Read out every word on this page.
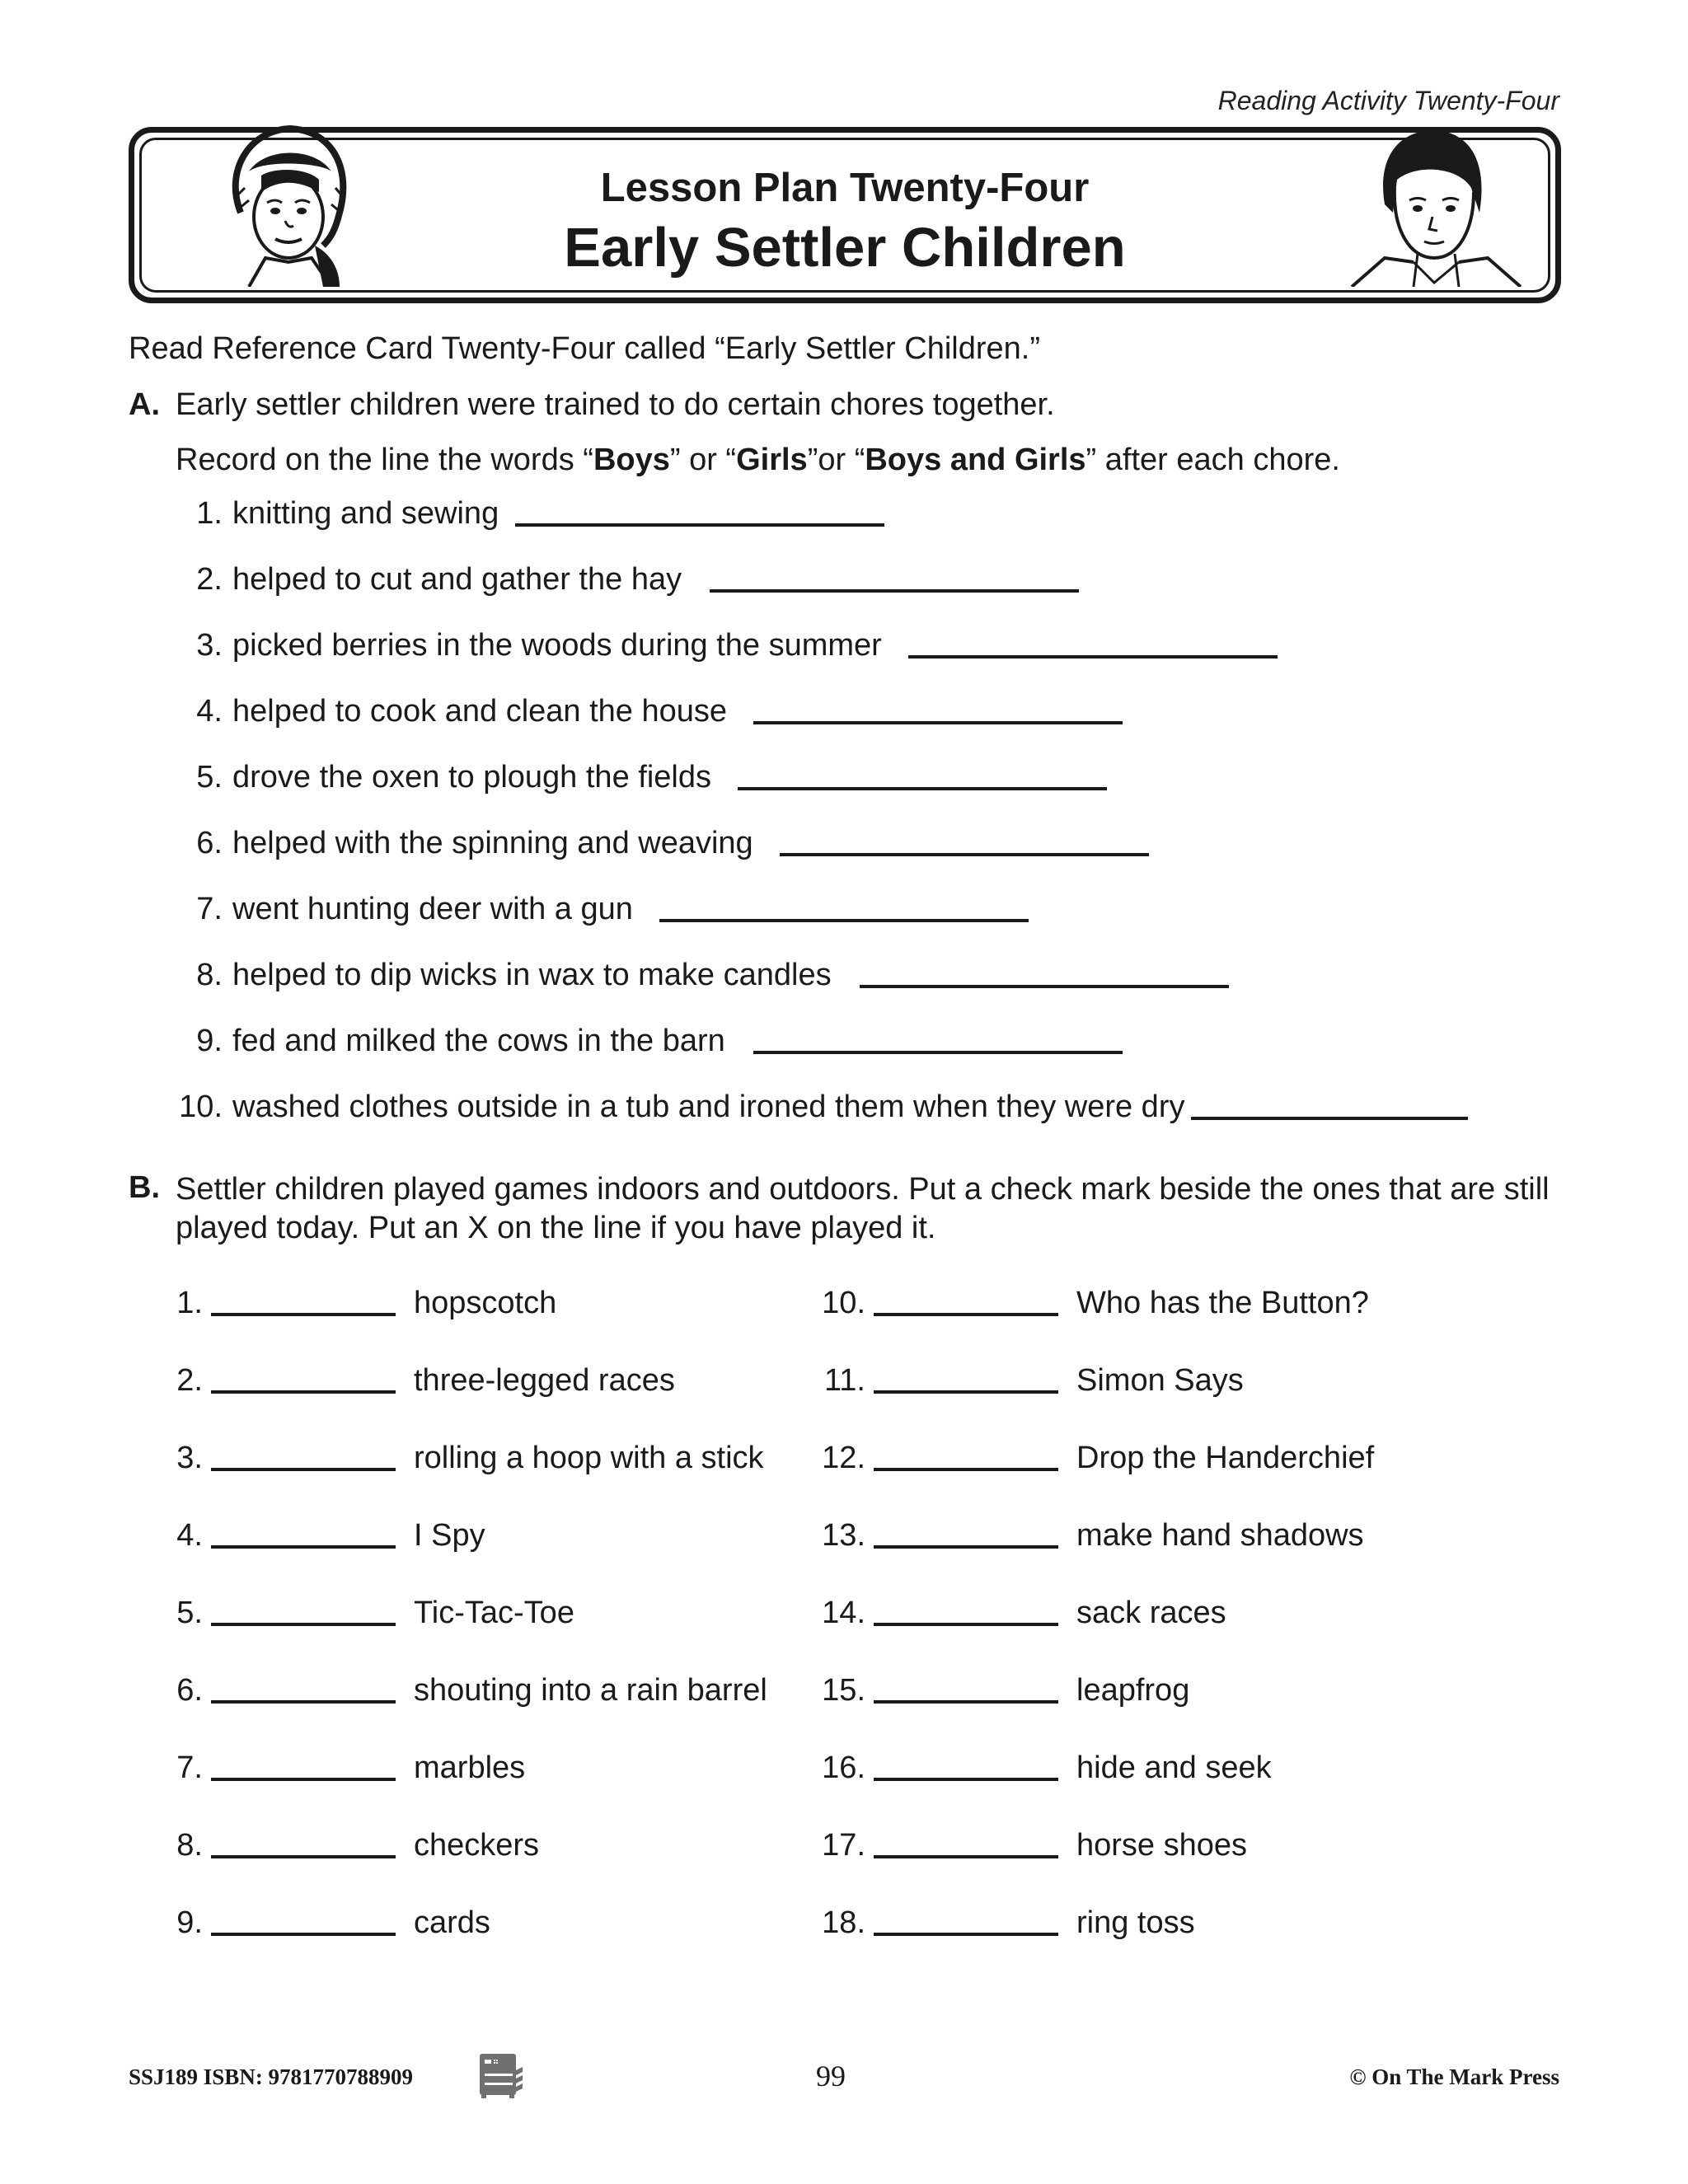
Reading Activity Twenty-Four
Lesson Plan Twenty-Four
Early Settler Children
Read Reference Card Twenty-Four called “Early Settler Children.”
A. Early settler children were trained to do certain chores together.
Record on the line the words “Boys” or “Girls”or “Boys and Girls” after each chore.
1. knitting and sewing
2. helped to cut and gather the hay
3. picked berries in the woods during the summer
4. helped to cook and clean the house
5. drove the oxen to plough the fields
6. helped with the spinning and weaving
7. went hunting deer with a gun
8. helped to dip wicks in wax to make candles
9. fed and milked the cows in the barn
10. washed clothes outside in a tub and ironed them when they were dry
B. Settler children played games indoors and outdoors. Put a check mark beside the ones that are still played today. Put an X on the line if you have played it.
1.	hopscotch
2.	three-legged races
3.	rolling a hoop with a stick
4.	I Spy
5.	Tic-Tac-Toe
6.	shouting into a rain barrel
7.	marbles
8.	checkers
9.	cards
10.	Who has the Button?
11.	Simon Says
12.	Drop the Handerchief
13.	make hand shadows
14.	sack races
15.	leapfrog
16.	hide and seek
17.	horse shoes
18.	ring toss
SSJ189 ISBN: 9781770788909	99	© On The Mark Press
